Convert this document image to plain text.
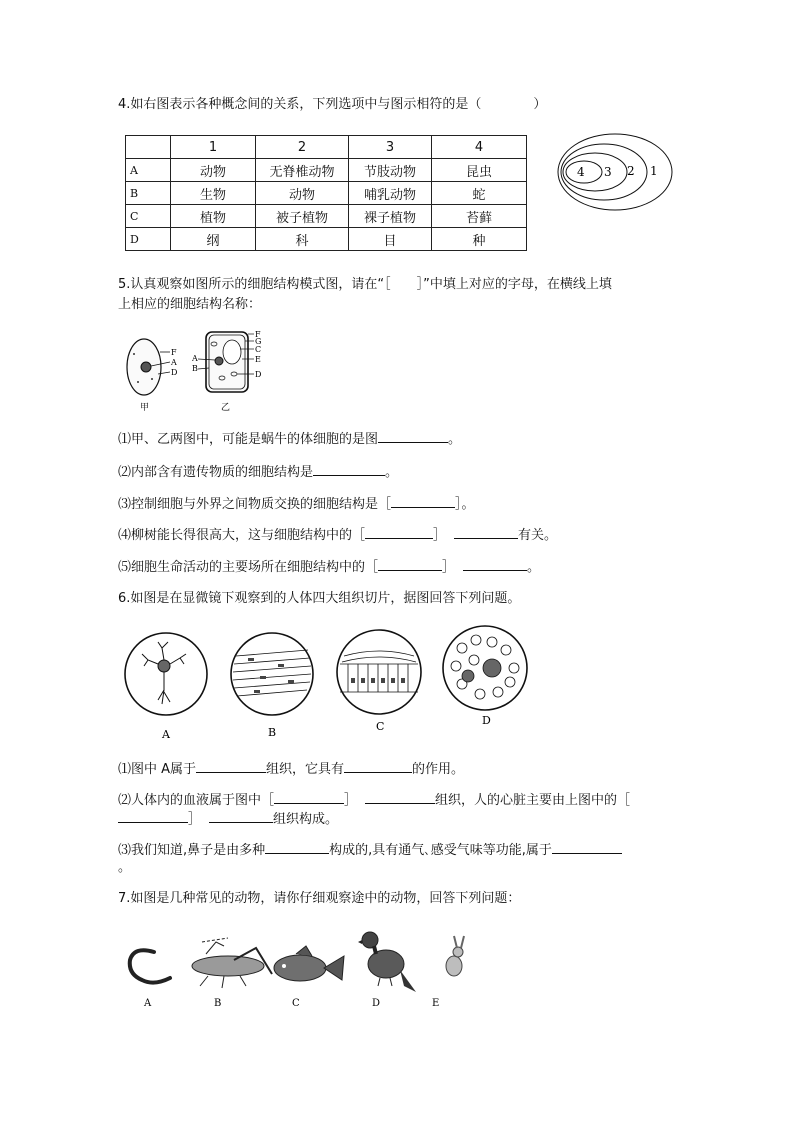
4.如右图表示各种概念间的关系，下列选项中与图示相符的是（　　　　）
	1	2	3	4
A	动物	无脊椎动物	节肢动物	昆虫
B	生物	动物	哺乳动物	蛇
C	植物	被子植物	裸子植物	苔藓
D	纲	科	目	种
4 3 2 1
5.认真观察如图所示的细胞结构模式图，请在“［　　］”中填上对应的字母，在横线上填
上相应的细胞结构名称：
F
A
D
甲
A
B
F
G
C
E
D
乙
⑴甲、乙两图中，可能是蜗牛的体细胞的是图	。
⑵内部含有遗传物质的细胞结构是	。
⑶控制细胞与外界之间物质交换的细胞结构是［	］。
⑷柳树能长得很高大，这与细胞结构中的［	］	有关。
⑸细胞生命活动的主要场所在细胞结构中的［	］	。
6.如图是在显微镜下观察到的人体四大组织切片，据图回答下列问题。
A	B	C	D
⑴图中 A属于	组织，它具有	的作用。
⑵人体内的血液属于图中［	］	组织，人的心脏主要由上图中的［
］	组织构成。
⑶我们知道,鼻子是由多种	构成的,具有通气､感受气味等功能,属于
。
7.如图是几种常见的动物，请你仔细观察途中的动物，回答下列问题：
A	B	C	D	E
